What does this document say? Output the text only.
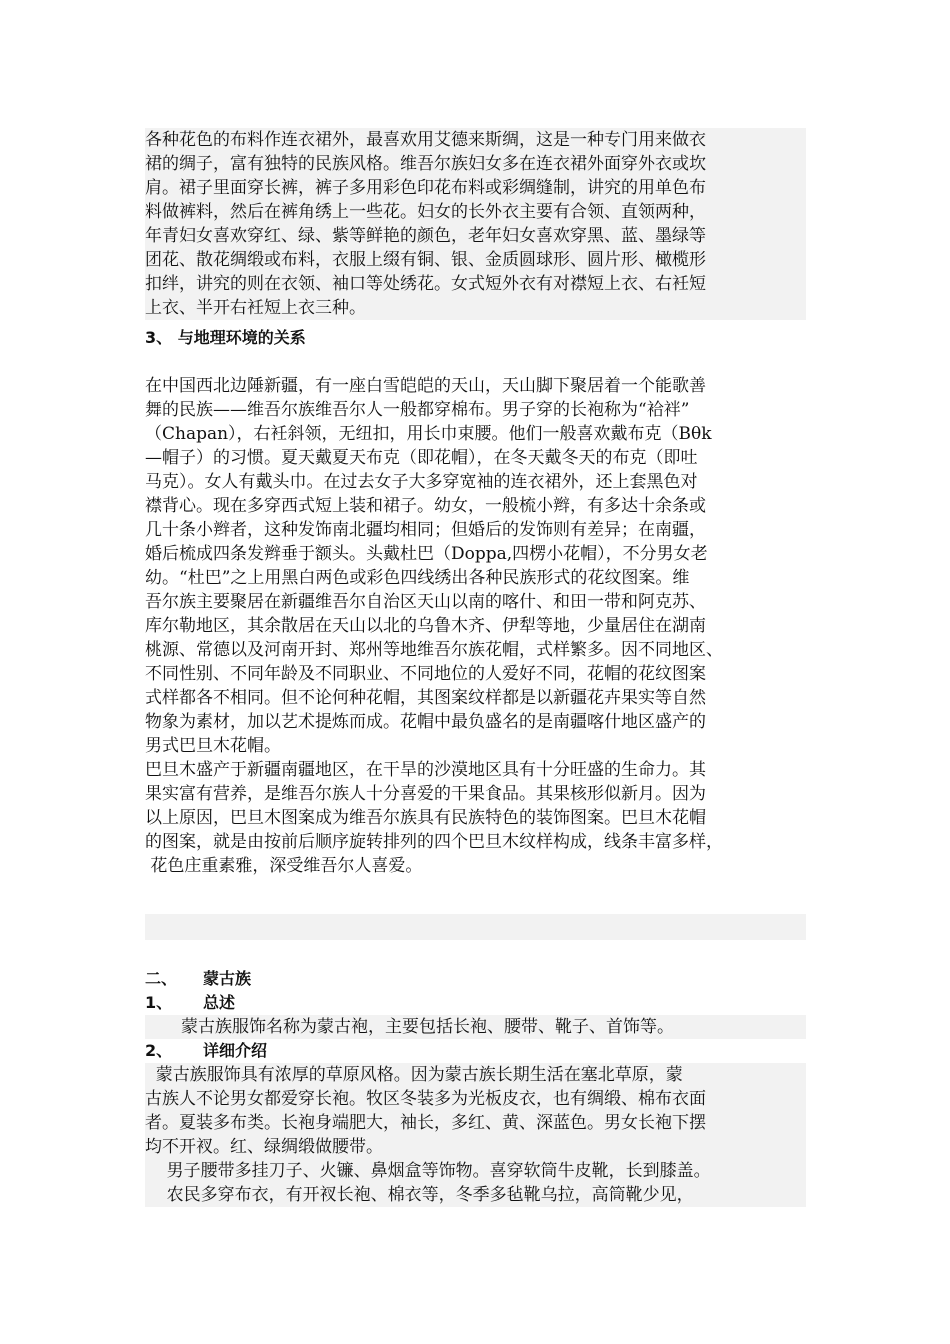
各种花色的布料作连衣裙外，最喜欢用艾德来斯绸，这是一种专门用来做衣
裙的绸子，富有独特的民族风格。维吾尔族妇女多在连衣裙外面穿外衣或坎
肩。裙子里面穿长裤，裤子多用彩色印花布料或彩绸缝制，讲究的用单色布
料做裤料，然后在裤角绣上一些花。妇女的长外衣主要有合领、直领两种，
年青妇女喜欢穿红、绿、紫等鲜艳的颜色，老年妇女喜欢穿黑、蓝、墨绿等
团花、散花绸缎或布料，衣服上缀有铜、银、金质圆球形、圆片形、橄榄形
扣绊，讲究的则在衣领、袖口等处绣花。女式短外衣有对襟短上衣、右衽短
上衣、半开右衽短上衣三种。
3、 与地理环境的关系
在中国西北边陲新疆，有一座白雪皑皑的天山，天山脚下聚居着一个能歌善
舞的民族——维吾尔族维吾尔人一般都穿棉布。男子穿的长袍称为“袷袢”
（Chapan），右衽斜领，无纽扣，用长巾束腰。他们一般喜欢戴布克（Bθk
—帽子）的习惯。夏天戴夏天布克（即花帽），在冬天戴冬天的布克（即吐
马克）。女人有戴头巾。在过去女子大多穿宽袖的连衣裙外，还上套黑色对
襟背心。现在多穿西式短上装和裙子。幼女，一般梳小辫，有多达十余条或
几十条小辫者，这种发饰南北疆均相同；但婚后的发饰则有差异；在南疆，
婚后梳成四条发辫垂于额头。头戴杜巴（Doppa,四楞小花帽），不分男女老
幼。“杜巴”之上用黑白两色或彩色四线绣出各种民族形式的花纹图案。维
吾尔族主要聚居在新疆维吾尔自治区天山以南的喀什、和田一带和阿克苏、
库尔勒地区，其余散居在天山以北的乌鲁木齐、伊犁等地，少量居住在湖南
桃源、常德以及河南开封、郑州等地维吾尔族花帽，式样繁多。因不同地区、
不同性别、不同年龄及不同职业、不同地位的人爱好不同，花帽的花纹图案
式样都各不相同。但不论何种花帽，其图案纹样都是以新疆花卉果实等自然
物象为素材，加以艺术提炼而成。花帽中最负盛名的是南疆喀什地区盛产的
男式巴旦木花帽。
巴旦木盛产于新疆南疆地区，在干旱的沙漠地区具有十分旺盛的生命力。其
果实富有营养，是维吾尔族人十分喜爱的干果食品。其果核形似新月。因为
以上原因，巴旦木图案成为维吾尔族具有民族特色的装饰图案。巴旦木花帽
的图案，就是由按前后顺序旋转排列的四个巴旦木纹样构成，线条丰富多样，
花色庄重素雅，深受维吾尔人喜爱。
二、 蒙古族
1、 总述
蒙古族服饰名称为蒙古袍，主要包括长袍、腰带、靴子、首饰等。
2、 详细介绍
蒙古族服饰具有浓厚的草原风格。因为蒙古族长期生活在塞北草原，蒙
古族人不论男女都爱穿长袍。牧区冬装多为光板皮衣，也有绸缎、棉布衣面
者。夏装多布类。长袍身端肥大，袖长，多红、黄、深蓝色。男女长袍下摆
均不开衩。红、绿绸缎做腰带。
男子腰带多挂刀子、火镰、鼻烟盒等饰物。喜穿软筒牛皮靴，长到膝盖。
农民多穿布衣，有开衩长袍、棉衣等，冬季多毡靴乌拉，高筒靴少见，
